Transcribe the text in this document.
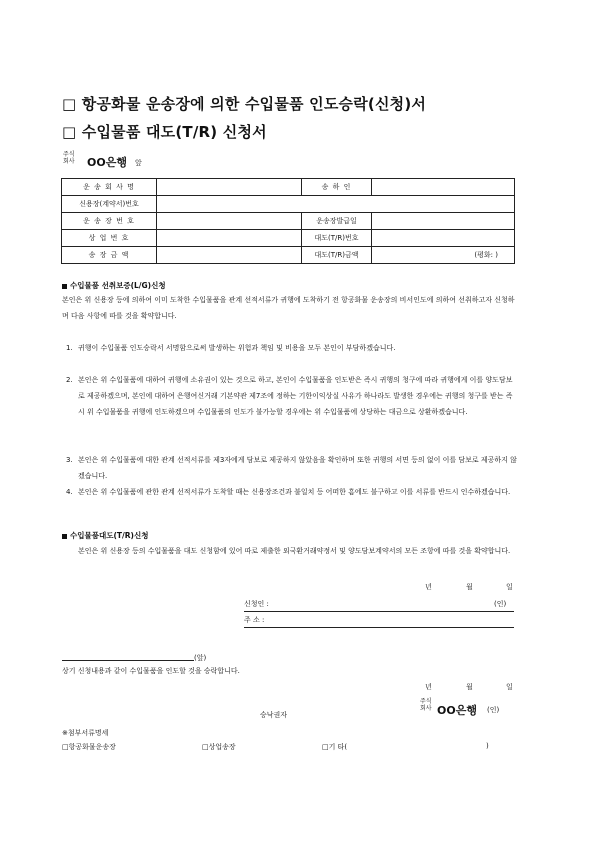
□ 항공화물 운송장에 의한 수입물품 인도승락(신청)서
□ 수입물품 대도(T/R) 신청서
주식
회사 OO은행 앞
운 송 회 사 명		송 하 인	
신용장(계약서)번호			
운 송 장 번 호		운송장발급일	
상 업 번 호		대도(T/R)번호	
송 장 금 액		대도(T/R)금액	(평화: )
수입물품 선취보증(L/G)신청
본인은 위 신용장 등에 의하여 이미 도착한 수입물품을 관계 선적서류가 귀행에 도착하기 전 항공화물 운송장의 비서인도에 의하여 선취하고자 신청하며 다음 사항에 따를 것을 확약합니다.
1. 귀행이 수입물품 인도승락서 서명함으로써 발생하는 위험과 책임 및 비용을 모두 본인이 부담하겠습니다.
2. 본인은 위 수입물품에 대하여 귀행에 소유권이 있는 것으로 하고, 본인이 수입물품을 인도받은 즉시 귀행의 청구에 따라 귀행에게 이를 양도담보로 제공하겠으며, 본인에 대하여 은행여신거래 기본약관 제7조에 정하는 기한이익상실 사유가 하나라도 발생한 경우에는 귀행의 청구를 받는 즉시 위 수입물품을 귀행에 인도하겠으며 수입물품의 인도가 불가능할 경우에는 위 수입물품에 상당하는 대금으로 상환하겠습니다.
3. 본인은 위 수입물품에 대한 관계 선적서류를 제3자에게 담보로 제공하지 않았음을 확인하며 또한 귀행의 서면 등의 없이 이를 담보로 제공하지 않겠습니다.
4. 본인은 위 수입물품에 관한 관계 선적서류가 도착할 때는 신용장조건과 불일치 등 어떠한 흠에도 불구하고 이를 서류를 반드시 인수하겠습니다.
수입물품대도(T/R)신청
본인은 위 신용장 등의 수입물품을 대도 신청함에 있어 따로 제출한 외국환거래약정서 및 양도담보계약서의 모든 조항에 따를 것을 확약합니다.
년	월	일
신청인 :	(인)
주 소 :
(앞)
상기 신청내용과 같이 수입물품을 인도할 것을 승락합니다.
년	월	일
승낙권자
주식
회사 OO은행 (인)
※첨부서류명세
□항공화물운송장	□상업송장	□기 타(	)
